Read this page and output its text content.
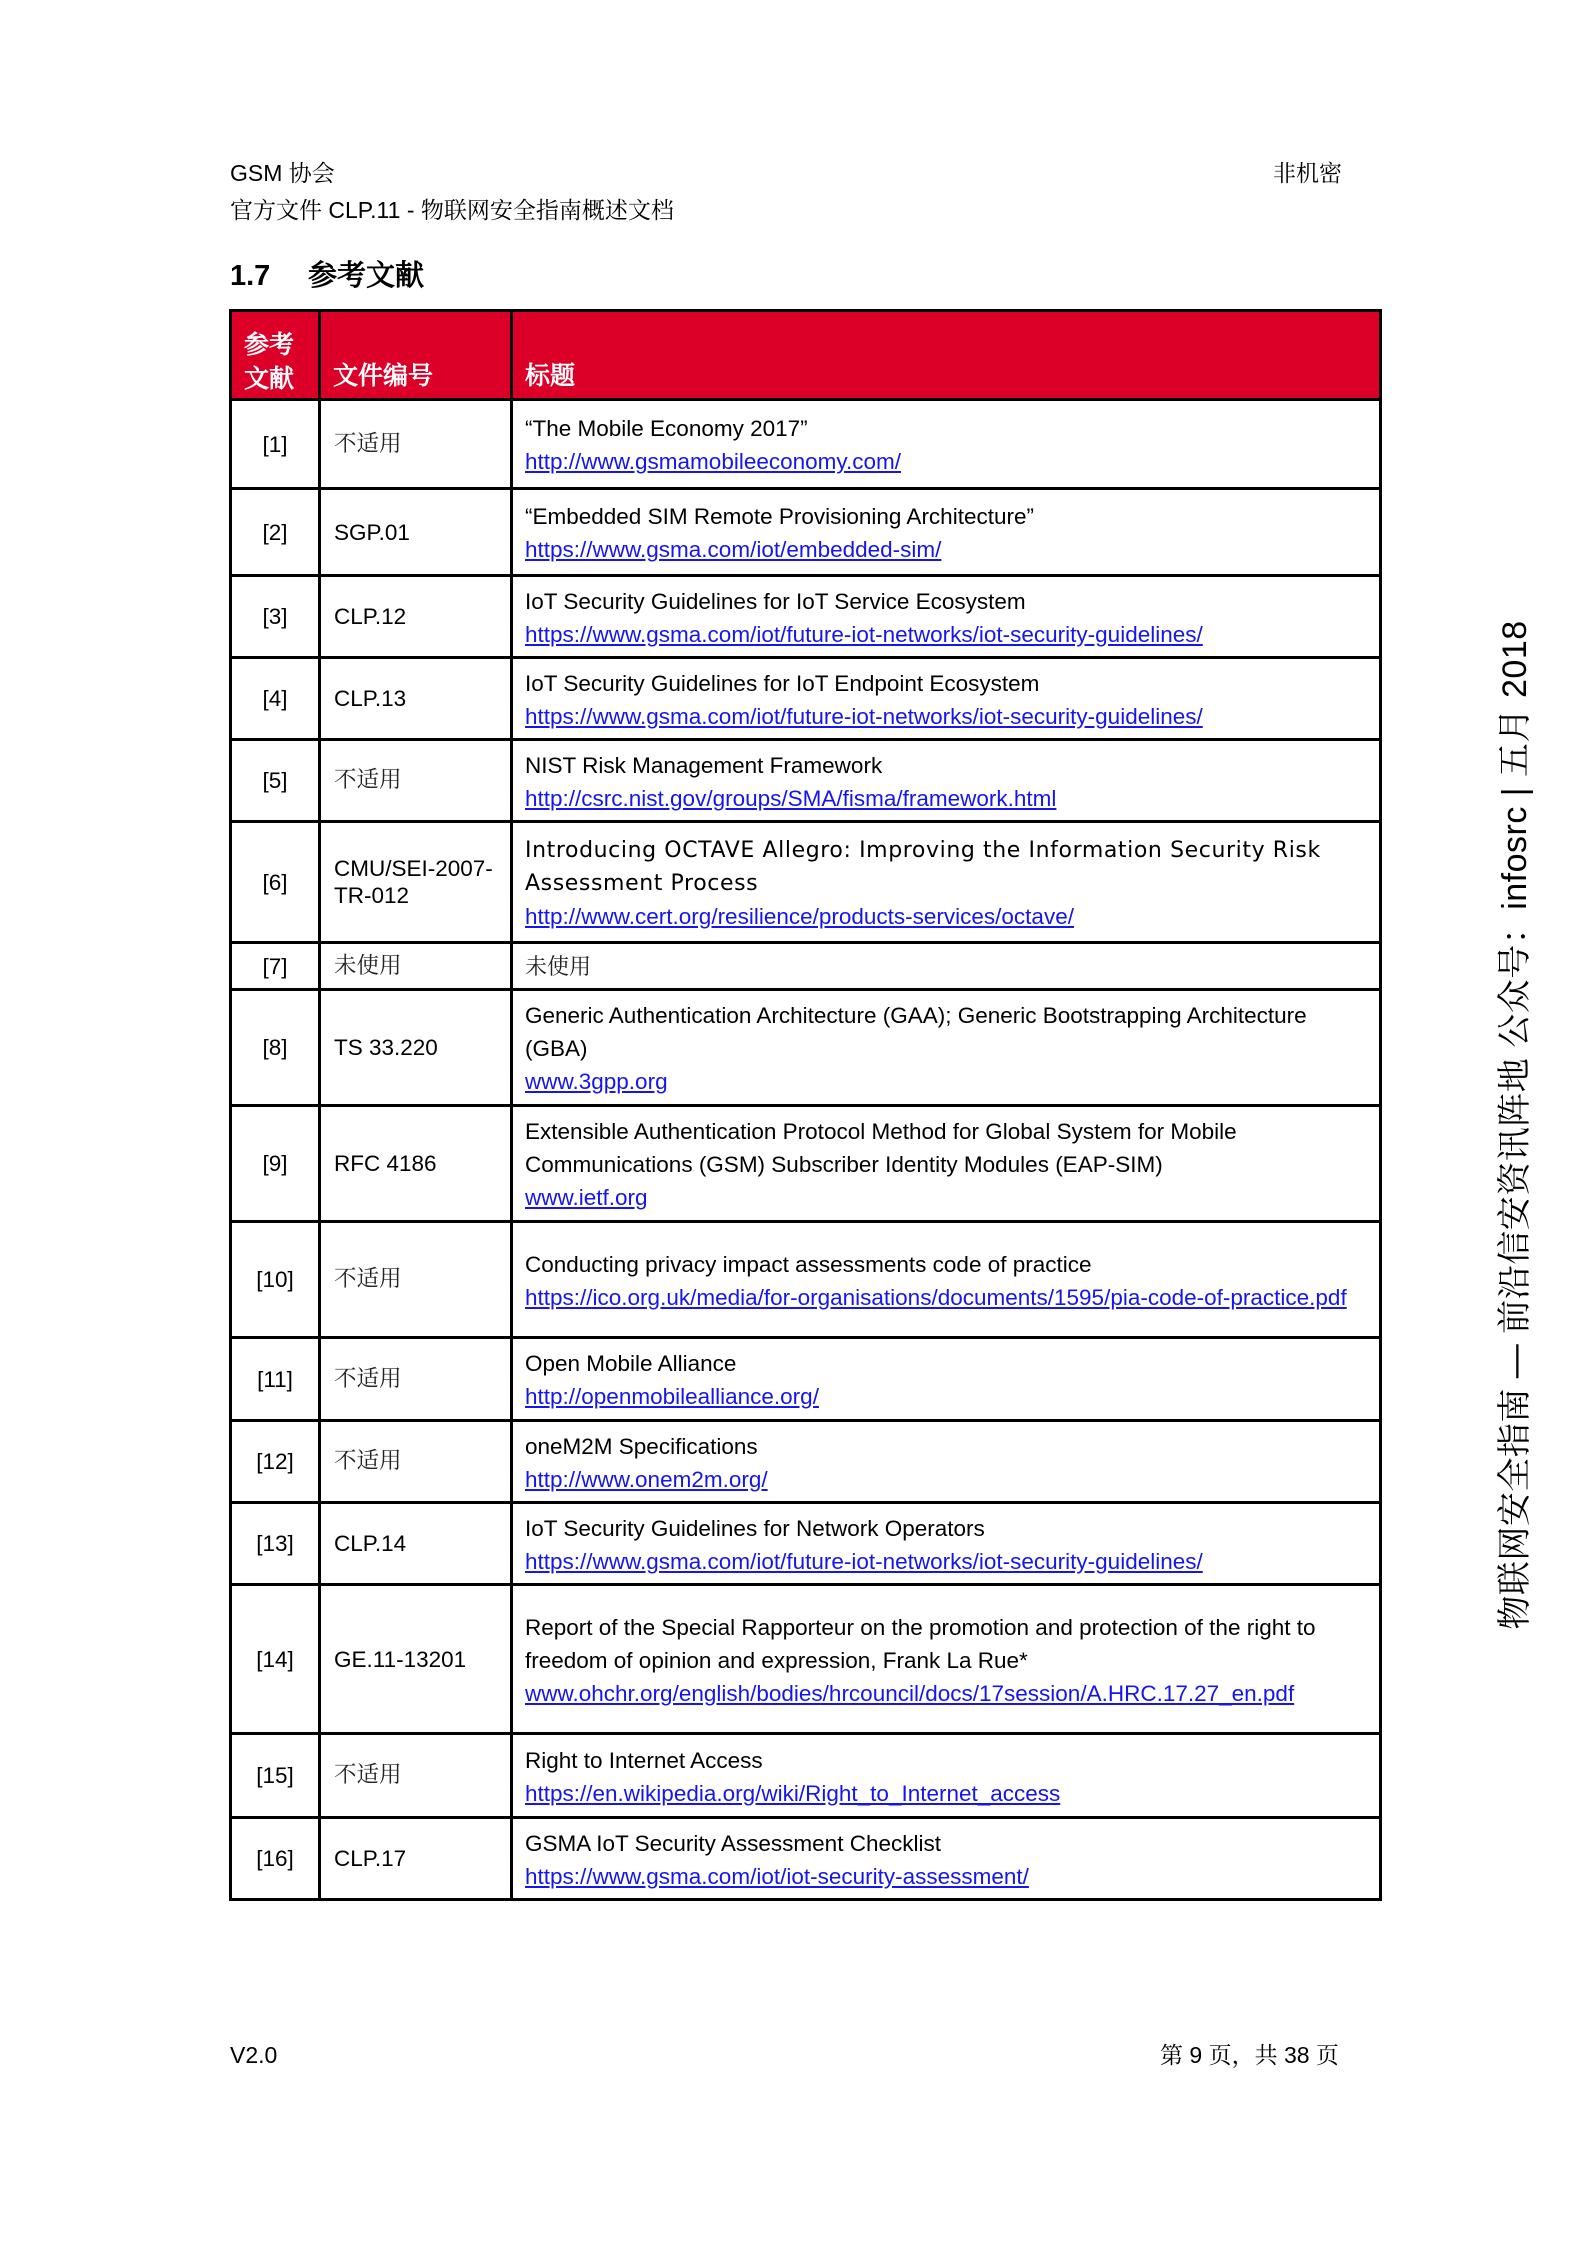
GSM 协会
官方文件 CLP.11 - 物联网安全指南概述文档
非机密
1.7 参考文献
参考文献	文件编号	标题
[1]	不适用	“The Mobile Economy 2017”
http://www.gsmamobileeconomy.com/

[2]	SGP.01	“Embedded SIM Remote Provisioning Architecture”
https://www.gsma.com/iot/embedded-sim/

[3]	CLP.12	IoT Security Guidelines for IoT Service Ecosystem
https://www.gsma.com/iot/future-iot-networks/iot-security-guidelines/

[4]	CLP.13	IoT Security Guidelines for IoT Endpoint Ecosystem
https://www.gsma.com/iot/future-iot-networks/iot-security-guidelines/

[5]	不适用	NIST Risk Management Framework
http://csrc.nist.gov/groups/SMA/fisma/framework.html

[6]	CMU/SEI-2007-TR-012	Introducing OCTAVE Allegro: Improving the Information Security Risk Assessment Process
http://www.cert.org/resilience/products-services/octave/

[7]	未使用	未使用

[8]	TS 33.220	Generic Authentication Architecture (GAA); Generic Bootstrapping Architecture (GBA)
www.3gpp.org

[9]	RFC 4186	Extensible Authentication Protocol Method for Global System for Mobile Communications (GSM) Subscriber Identity Modules (EAP-SIM)
www.ietf.org

[10]	不适用	Conducting privacy impact assessments code of practice
https://ico.org.uk/media/for-organisations/documents/1595/pia-code-of-practice.pdf

[11]	不适用	Open Mobile Alliance
http://openmobilealliance.org/

[12]	不适用	oneM2M Specifications
http://www.onem2m.org/

[13]	CLP.14	IoT Security Guidelines for Network Operators
https://www.gsma.com/iot/future-iot-networks/iot-security-guidelines/

[14]	GE.11-13201	Report of the Special Rapporteur on the promotion and protection of the right to freedom of opinion and expression, Frank La Rue*
www.ohchr.org/english/bodies/hrcouncil/docs/17session/A.HRC.17.27_en.pdf

[15]	不适用	Right to Internet Access
https://en.wikipedia.org/wiki/Right_to_Internet_access

[16]	CLP.17	GSMA IoT Security Assessment Checklist
https://www.gsma.com/iot/iot-security-assessment/
V2.0	第 9 页，共 38 页
物联网安全指南 — 前沿信安资讯阵地 公众号：infosrc | 五月 2018
